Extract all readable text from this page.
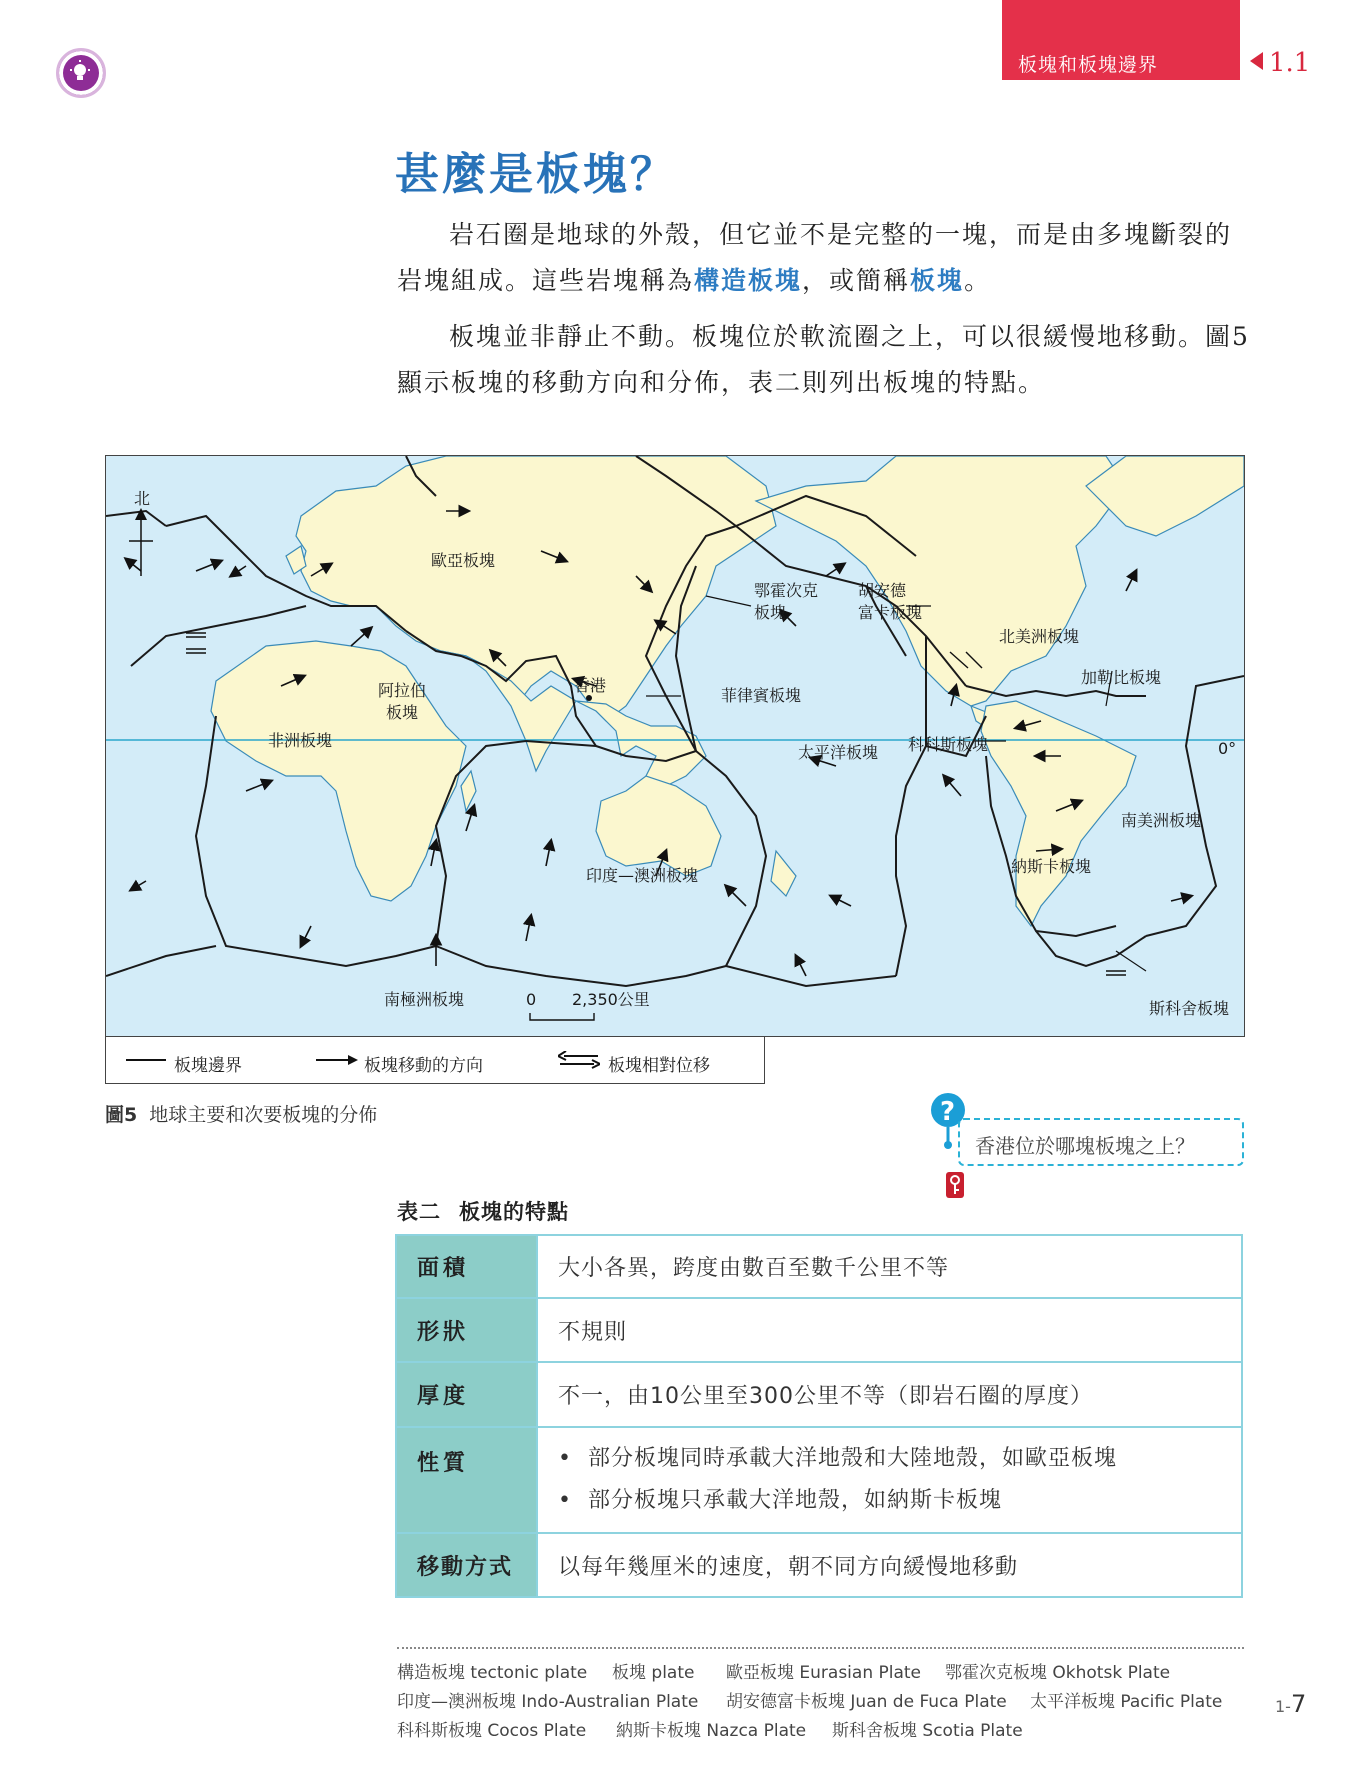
板塊和板塊邊界	1.1
甚麼是板塊？
岩石圈是地球的外殼，但它並不是完整的一塊，而是由多塊斷裂的岩塊組成。這些岩塊稱為構造板塊，或簡稱板塊。
板塊並非靜止不動。板塊位於軟流圈之上，可以很緩慢地移動。圖5顯示板塊的移動方向和分佈，表二則列出板塊的特點。
北
0°
歐亞板塊
鄂霍次克板塊
胡安德富卡板塊
北美洲板塊
加勒比板塊
香港
菲律賓板塊
阿拉伯板塊
非洲板塊
太平洋板塊 科科斯板塊
南美洲板塊
納斯卡板塊
印度—澳洲板塊
南極洲板塊	斯科舍板塊
0 2,350公里
板塊邊界	板塊移動的方向	板塊相對位移
圖5 地球主要和次要板塊的分佈	?
香港位於哪塊板塊之上？
表二 板塊的特點
面積	大小各異，跨度由數百至數千公里不等
形狀	不規則
厚度	不一，由10公里至300公里不等（即岩石圈的厚度）
性質	• 部分板塊同時承載大洋地殼和大陸地殼，如歐亞板塊
• 部分板塊只承載大洋地殼，如納斯卡板塊

移動方式	以每年幾厘米的速度，朝不同方向緩慢地移動
構造板塊 tectonic plate 板塊 plate 歐亞板塊 Eurasian Plate 鄂霍次克板塊 Okhotsk Plate
印度—澳洲板塊 Indo-Australian Plate 胡安德富卡板塊 Juan de Fuca Plate 太平洋板塊 Pacific Plate
科科斯板塊 Cocos Plate 納斯卡板塊 Nazca Plate 斯科舍板塊 Scotia Plate
1-7
